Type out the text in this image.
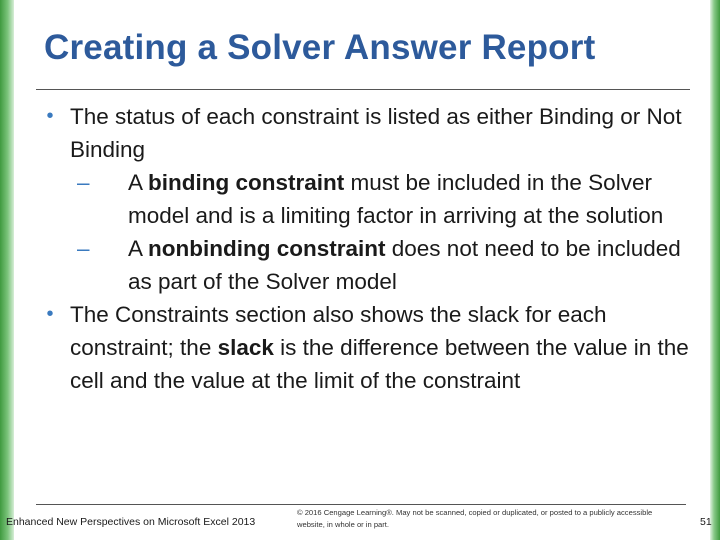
Creating a Solver Answer Report
• The status of each constraint is listed as either Binding or Not Binding
–	A binding constraint must be included in the Solver model and is a limiting factor in arriving at the solution
–	A nonbinding constraint does not need to be included as part of the Solver model
• The Constraints section also shows the slack for each constraint; the slack is the difference between the value in the cell and the value at the limit of the constraint
Enhanced New Perspectives on Microsoft Excel 2013
© 2016 Cengage Learning®. May not be scanned, copied or duplicated, or posted to a publicly accessible website, in whole or in part.	51
